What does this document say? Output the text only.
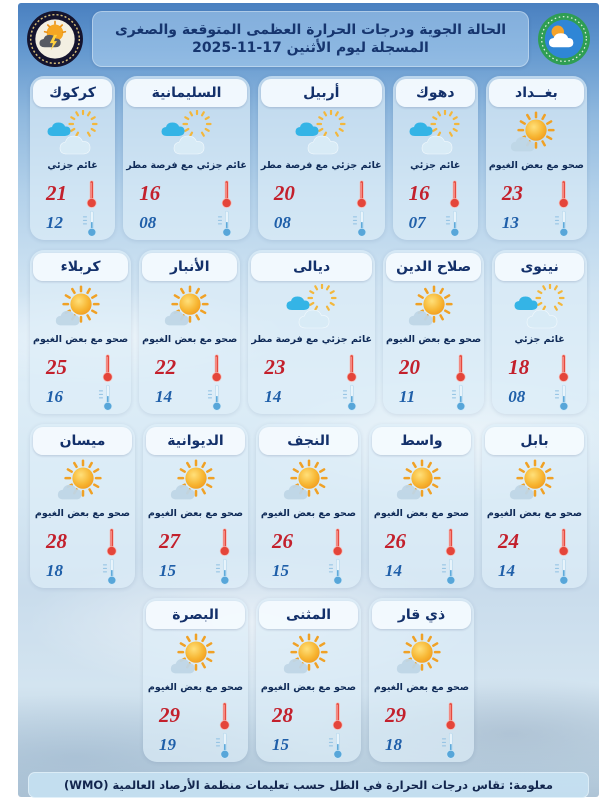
الحالة الجوية ودرجات الحرارة العظمى المتوقعة والصغرى المسجلة ليوم الأثنين 17-11-2025
بغــداد
صحو مع بعض الغيوم
23
13
دهوك
غائم جزئي
16
07
أربيل
غائم جزئي مع فرصة مطر
20
08
السليمانية
غائم جزئي مع فرصة مطر
16
08
كركوك
غائم جزئي
21
12
نينوى
غائم جزئي
18
08
صلاح الدين
صحو مع بعض الغيوم
20
11
ديالى
غائم جزئي مع فرصة مطر
23
14
الأنبار
صحو مع بعض الغيوم
22
14
كربلاء
صحو مع بعض الغيوم
25
16
بابل
صحو مع بعض الغيوم
24
14
واسط
صحو مع بعض الغيوم
26
14
النجف
صحو مع بعض الغيوم
26
15
الديوانية
صحو مع بعض الغيوم
27
15
ميسان
صحو مع بعض الغيوم
28
18
ذي قار
صحو مع بعض الغيوم
29
18
المثنى
صحو مع بعض الغيوم
28
15
البصرة
صحو مع بعض الغيوم
29
19
معلومة: تقاس درجات الحرارة في الظل حسب تعليمات منظمة الأرصاد العالمية (WMO)
